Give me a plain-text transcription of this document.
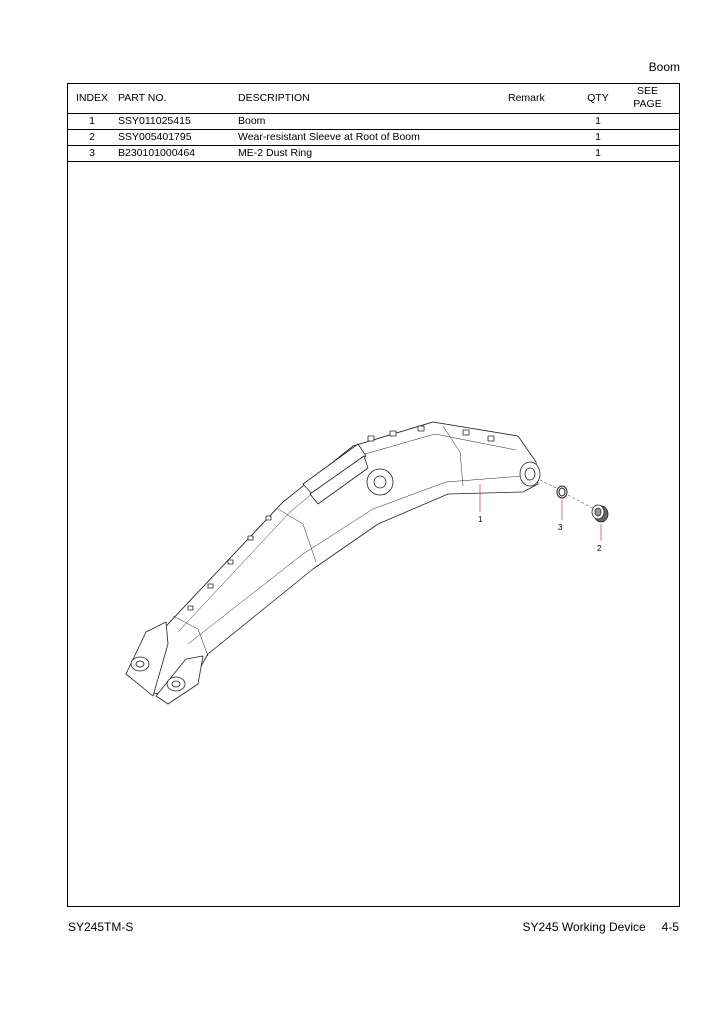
Boom
INDEX	PART NO.	DESCRIPTION	Remark	QTY	SEE
PAGE

1	SSY011025415	Boom		1	
2	SSY005401795	Wear-resistant Sleeve at Root of Boom		1	
3	B230101000464	ME-2 Dust Ring		1	
1
3
2
SY245TM-S	SY245 Working Device 4-5
